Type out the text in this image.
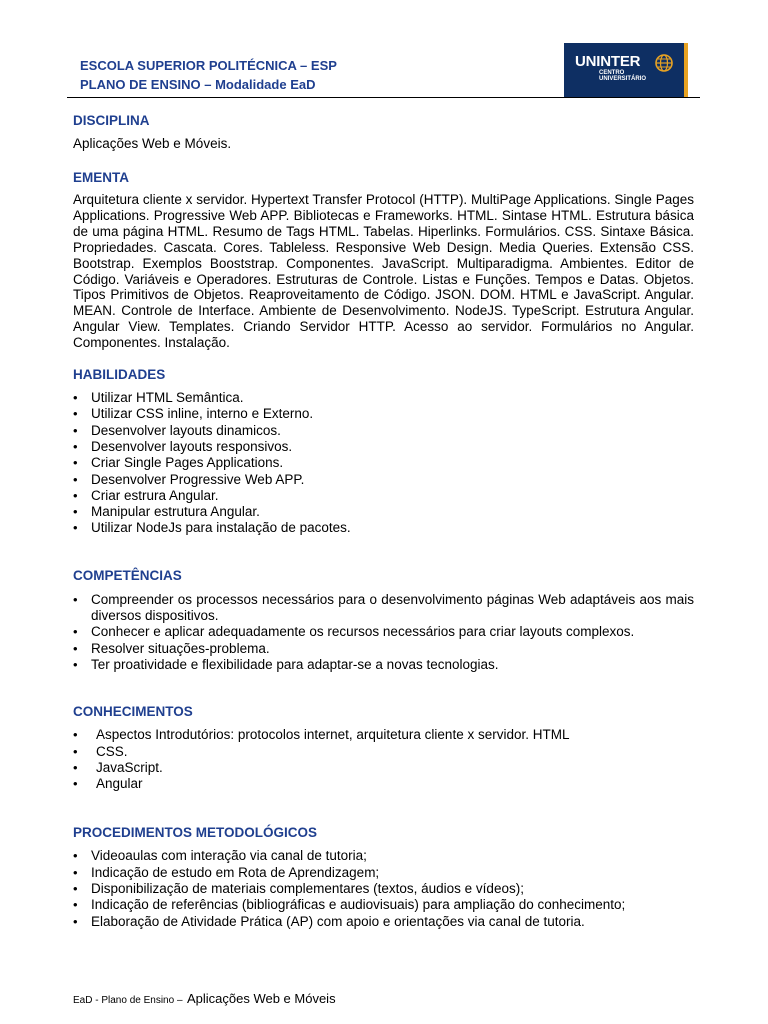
ESCOLA SUPERIOR POLITÉCNICA – ESP
PLANO DE ENSINO – Modalidade EaD
UNINTER
CENTRO
UNIVERSITÁRIO
DISCIPLINA

Aplicações Web e Móveis.

EMENTA

Arquitetura cliente x servidor. Hypertext Transfer Protocol (HTTP). MultiPage Applications. Single Pages Applications. Progressive Web APP. Bibliotecas e Frameworks. HTML. Sintase HTML. Estrutura básica de uma página HTML. Resumo de Tags HTML. Tabelas. Hiperlinks. Formulários. CSS. Sintaxe Básica. Propriedades. Cascata. Cores. Tableless. Responsive Web Design. Media Queries. Extensão CSS. Bootstrap. Exemplos Booststrap. Componentes. JavaScript. Multiparadigma. Ambientes. Editor de Código. Variáveis e Operadores. Estruturas de Controle. Listas e Funções. Tempos e Datas. Objetos. Tipos Primitivos de Objetos. Reaproveitamento de Código. JSON. DOM. HTML e JavaScript. Angular. MEAN. Controle de Interface. Ambiente de Desenvolvimento. NodeJS. TypeScript. Estrutura Angular. Angular View. Templates. Criando Servidor HTTP. Acesso ao servidor. Formulários no Angular. Componentes. Instalação.

HABILIDADES
• Utilizar HTML Semântica.
• Utilizar CSS inline, interno e Externo.
• Desenvolver layouts dinamicos.
• Desenvolver layouts responsivos.
• Criar Single Pages Applications.
• Desenvolver Progressive Web APP.
• Criar estrura Angular.
• Manipular estrutura Angular.
• Utilizar NodeJs para instalação de pacotes.
COMPETÊNCIAS
• Compreender os processos necessários para o desenvolvimento páginas Web adaptáveis aos mais diversos dispositivos.
• Conhecer e aplicar adequadamente os recursos necessários para criar layouts complexos.
• Resolver situações-problema.
• Ter proatividade e flexibilidade para adaptar-se a novas tecnologias.
CONHECIMENTOS
• Aspectos Introdutórios: protocolos internet, arquitetura cliente x servidor. HTML
• CSS.
• JavaScript.
• Angular
PROCEDIMENTOS METODOLÓGICOS
• Videoaulas com interação via canal de tutoria;
• Indicação de estudo em Rota de Aprendizagem;
• Disponibilização de materiais complementares (textos, áudios e vídeos);
• Indicação de referências (bibliográficas e audiovisuais) para ampliação do conhecimento;
• Elaboração de Atividade Prática (AP) com apoio e orientações via canal de tutoria.
EaD - Plano de Ensino – Aplicações Web e Móveis
